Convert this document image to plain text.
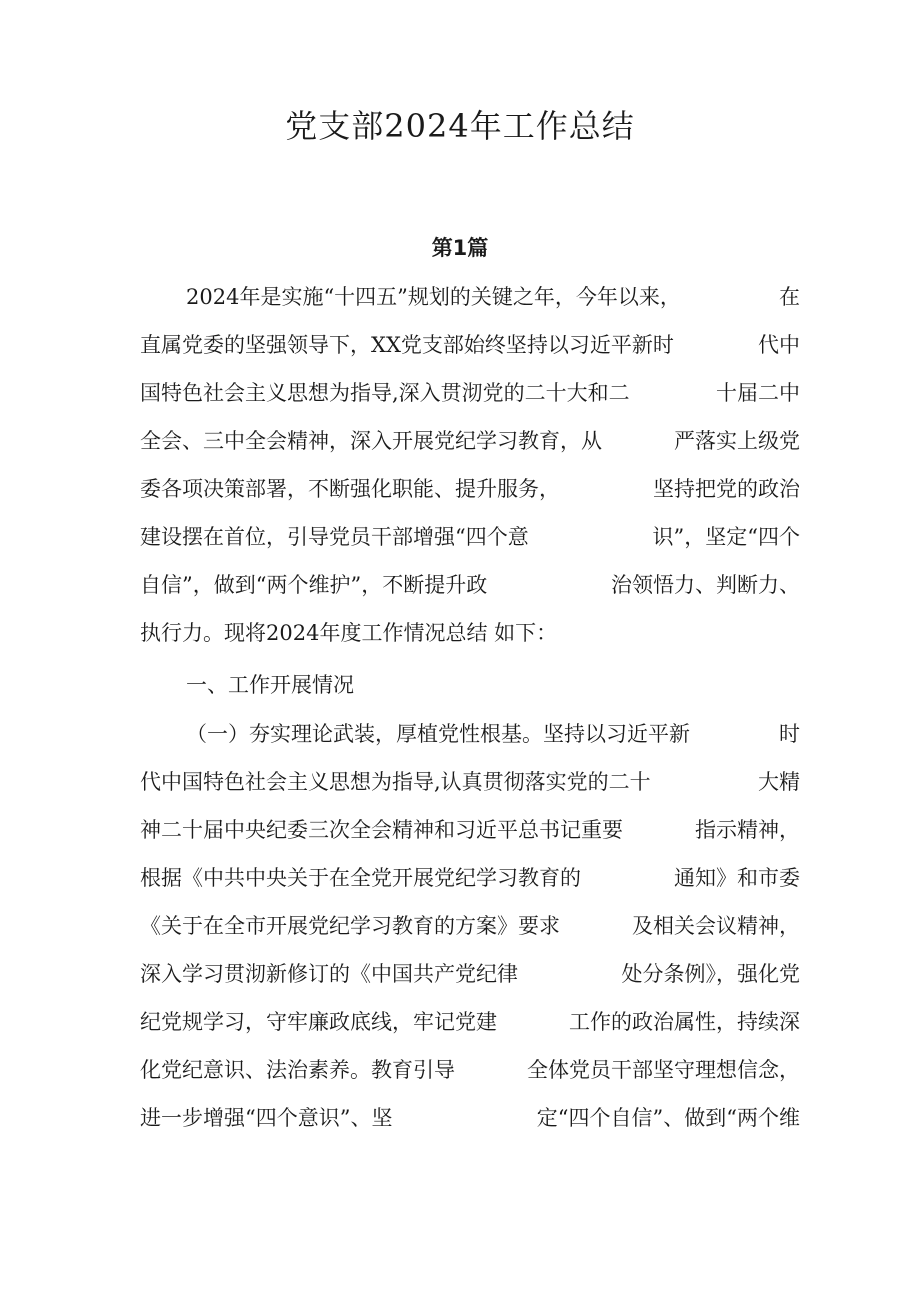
党支部2024年工作总结
第1篇
2024年是实施“十四五”规划的关键之年，今年以来，	在
直属党委的坚强领导下，XX党支部始终坚持以习近平新时	代中
国特色社会主义思想为指导,深入贯沏党的二十大和二	十届二中
全会、三中全会精神，深入开展党纪学习教育，从	严落实上级党
委各项决策部署，不断强化职能、提升服务，	坚持把党的政治
建设摆在首位，引导党员干部增强“四个意	识”，坚定“四个
自信”，做到“两个维护”，不断提升政	治领悟力、判断力、
执行力。现将2024年度工作情况总结 如下：
一、工作开展情况
（一）夯实理论武装，厚植党性根基。坚持以习近平新	时
代中国特色社会主义思想为指导,认真贯彻落实党的二十	大精
神二十届中央纪委三次全会精神和习近平总书记重要	指示精神，
根据《中共中央关于在全党开展党纪学习教育的	通知》和市委
《关于在全市开展党纪学习教育的方案》要求	及相关会议精神，
深入学习贯沏新修订的《中国共产党纪律	处分条例》，强化党
纪党规学习，守牢廉政底线，牢记党建	工作的政治属性，持续深
化党纪意识、法治素养。教育引导	全体党员干部坚守理想信念，
进一步增强“四个意识”、坚	定“四个自信”、做到“两个维
